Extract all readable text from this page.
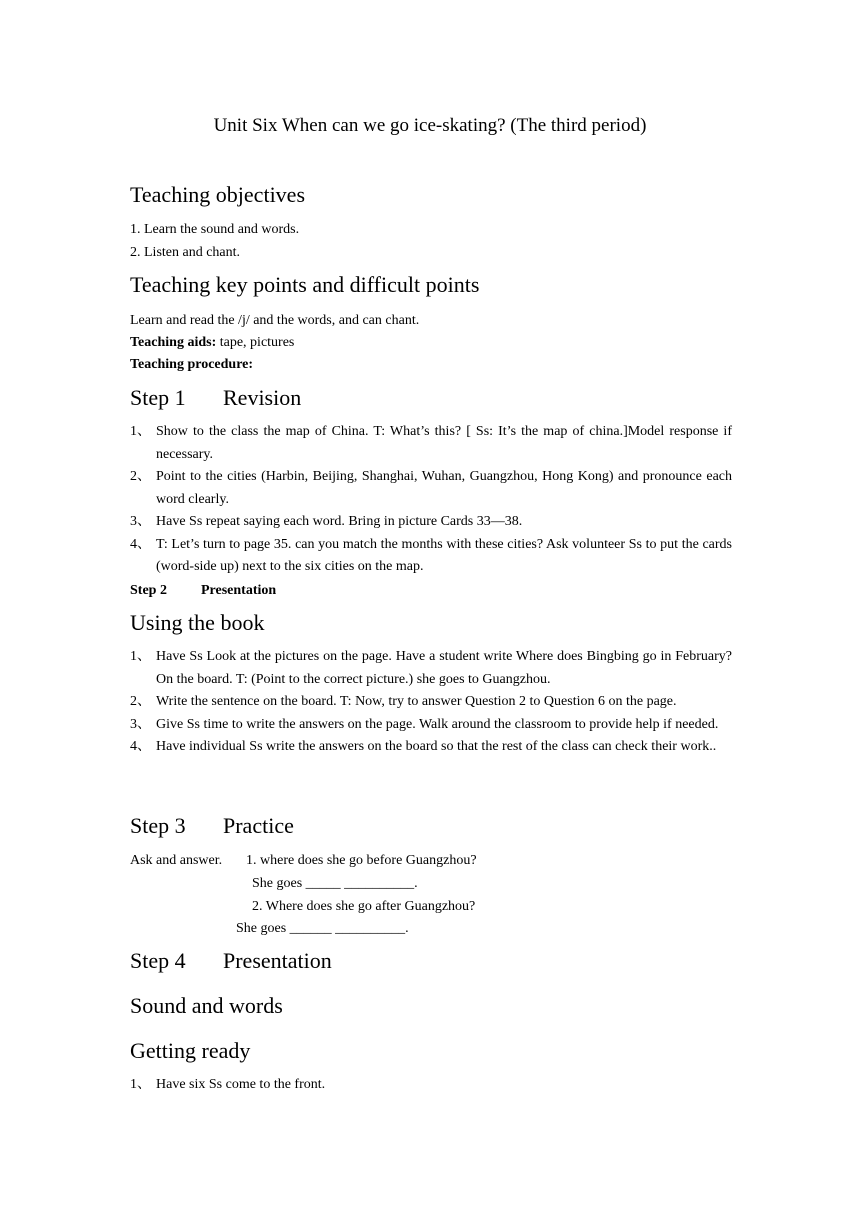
Unit Six When can we go ice-skating? (The third period)
Teaching objectives
1. Learn the sound and words.
2. Listen and chant.
Teaching key points and difficult points
Learn and read the /j/ and the words, and can chant.
Teaching aids: tape, pictures
Teaching procedure:
Step 1 Revision
1、 Show to the class the map of China. T: What’s this? [ Ss: It’s the map of china.]Model response if necessary.
2、 Point to the cities (Harbin, Beijing, Shanghai, Wuhan, Guangzhou, Hong Kong) and pronounce each word clearly.
3、 Have Ss repeat saying each word. Bring in picture Cards 33—38.
4、 T: Let’s turn to page 35. can you match the months with these cities? Ask volunteer Ss to put the cards (word-side up) next to the six cities on the map.
Step 2 Presentation
Using the book
1、 Have Ss Look at the pictures on the page. Have a student write Where does Bingbing go in February? On the board. T: (Point to the correct picture.) she goes to Guangzhou.
2、 Write the sentence on the board. T: Now, try to answer Question 2 to Question 6 on the page.
3、 Give Ss time to write the answers on the page. Walk around the classroom to provide help if needed.
4、 Have individual Ss write the answers on the board so that the rest of the class can check their work..
Step 3 Practice
Ask and answer. 1. where does she go before Guangzhou?
She goes _____ __________.
2. Where does she go after Guangzhou?
She goes ______ __________.
Step 4 Presentation
Sound and words
Getting ready
1、 Have six Ss come to the front.
